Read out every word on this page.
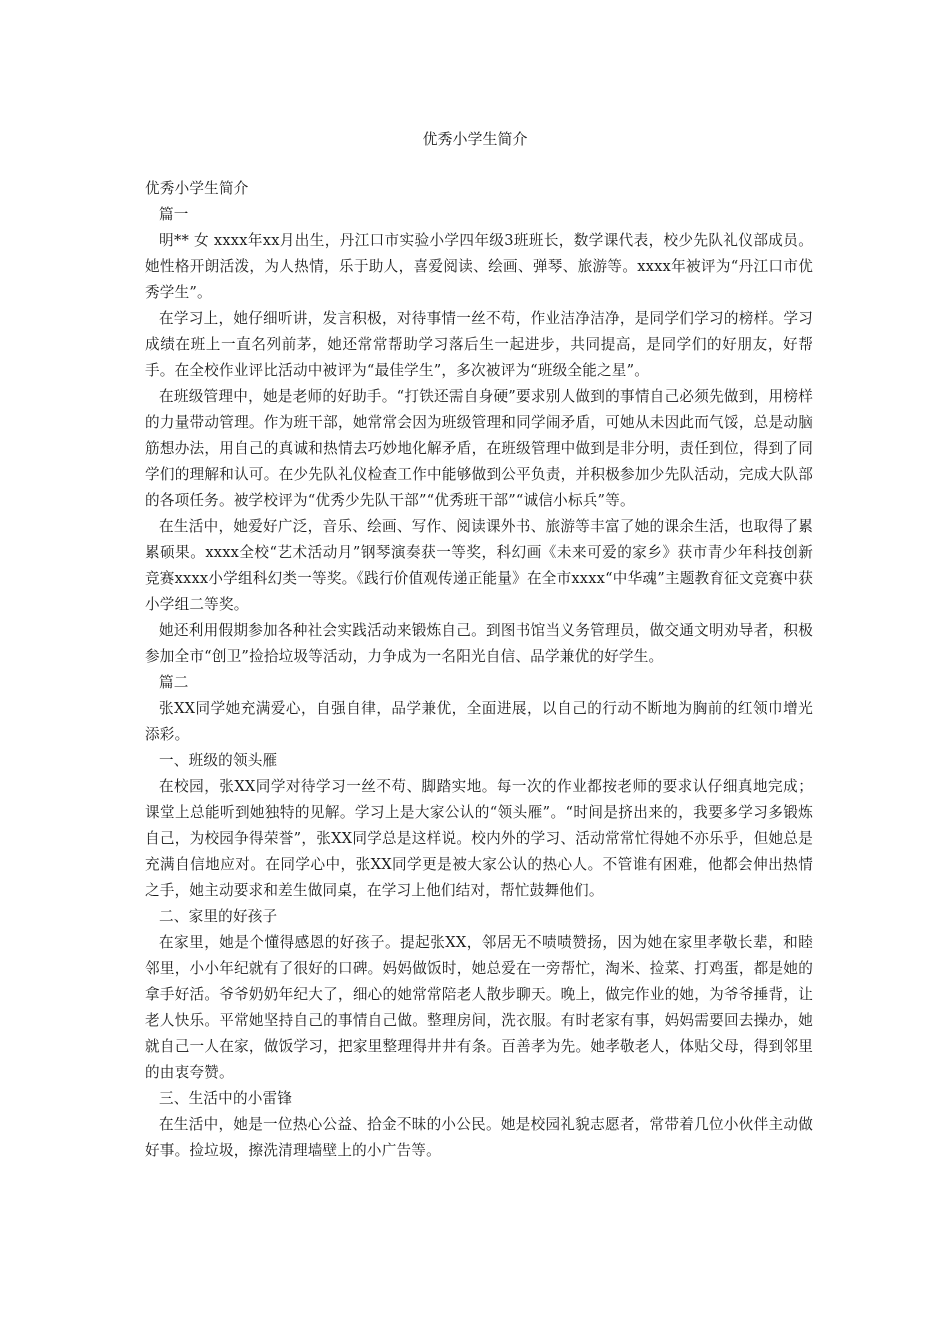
优秀小学生简介

优秀小学生简介

篇一

明** 女 xxxx年xx月出生，丹江口市实验小学四年级3班班长，数学课代表，校少先队礼仪部成员。她性格开朗活泼，为人热情，乐于助人，喜爱阅读、绘画、弹琴、旅游等。xxxx年被评为“丹江口市优秀学生”。

在学习上，她仔细听讲，发言积极，对待事情一丝不苟，作业洁净洁净，是同学们学习的榜样。学习成绩在班上一直名列前茅，她还常常帮助学习落后生一起进步，共同提高，是同学们的好朋友，好帮手。在全校作业评比活动中被评为“最佳学生”，多次被评为“班级全能之星”。

在班级管理中，她是老师的好助手。“打铁还需自身硬”要求别人做到的事情自己必须先做到，用榜样的力量带动管理。作为班干部，她常常会因为班级管理和同学闹矛盾，可她从未因此而气馁，总是动脑筋想办法，用自己的真诚和热情去巧妙地化解矛盾，在班级管理中做到是非分明，责任到位，得到了同学们的理解和认可。在少先队礼仪检查工作中能够做到公平负责，并积极参加少先队活动，完成大队部的各项任务。被学校评为“优秀少先队干部”“优秀班干部”“诚信小标兵”等。

在生活中，她爱好广泛，音乐、绘画、写作、阅读课外书、旅游等丰富了她的课余生活，也取得了累累硕果。xxxx全校“艺术活动月”钢琴演奏获一等奖，科幻画《未来可爱的家乡》获市青少年科技创新竞赛xxxx小学组科幻类一等奖。《践行价值观传递正能量》在全市xxxx“中华魂”主题教育征文竞赛中获小学组二等奖。

她还利用假期参加各种社会实践活动来锻炼自己。到图书馆当义务管理员，做交通文明劝导者，积极参加全市“创卫”捡拾垃圾等活动，力争成为一名阳光自信、品学兼优的好学生。

篇二

张XX同学她充满爱心，自强自律，品学兼优，全面进展，以自己的行动不断地为胸前的红领巾增光添彩。

一、班级的领头雁

在校园，张XX同学对待学习一丝不苟、脚踏实地。每一次的作业都按老师的要求认仔细真地完成；课堂上总能听到她独特的见解。学习上是大家公认的“领头雁”。“时间是挤出来的，我要多学习多锻炼自己，为校园争得荣誉”，张XX同学总是这样说。校内外的学习、活动常常忙得她不亦乐乎，但她总是充满自信地应对。在同学心中，张XX同学更是被大家公认的热心人。不管谁有困难，他都会伸出热情之手，她主动要求和差生做同桌，在学习上他们结对，帮忙鼓舞他们。

二、家里的好孩子

在家里，她是个懂得感恩的好孩子。提起张XX，邻居无不啧啧赞扬，因为她在家里孝敬长辈，和睦邻里，小小年纪就有了很好的口碑。妈妈做饭时，她总爱在一旁帮忙，淘米、捡菜、打鸡蛋，都是她的拿手好活。爷爷奶奶年纪大了，细心的她常常陪老人散步聊天。晚上，做完作业的她，为爷爷捶背，让老人快乐。平常她坚持自己的事情自己做。整理房间，洗衣服。有时老家有事，妈妈需要回去操办，她就自己一人在家，做饭学习，把家里整理得井井有条。百善孝为先。她孝敬老人，体贴父母，得到邻里的由衷夸赞。

三、生活中的小雷锋

在生活中，她是一位热心公益、拾金不昧的小公民。她是校园礼貌志愿者，常带着几位小伙伴主动做好事。捡垃圾，擦洗清理墙壁上的小广告等。
